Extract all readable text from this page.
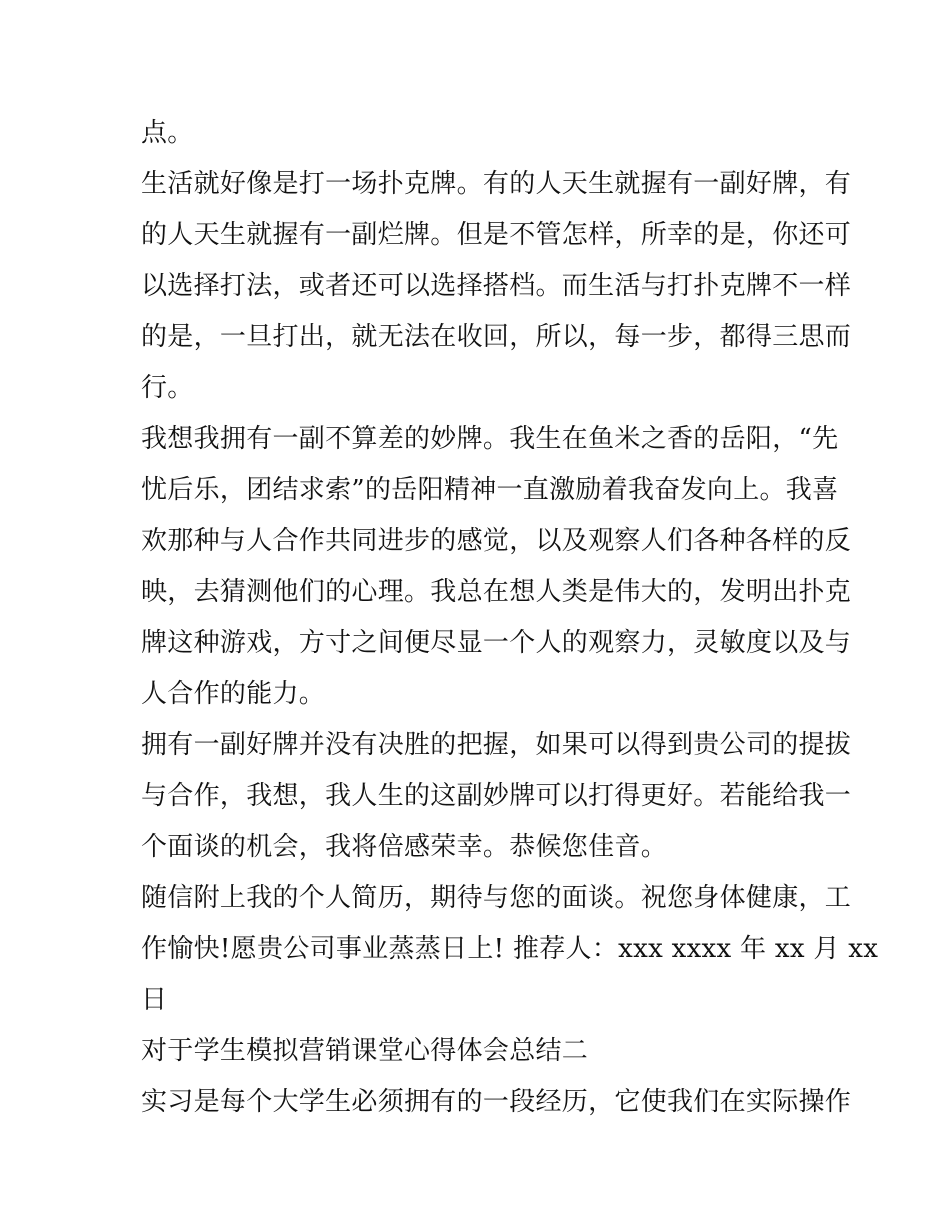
点。
生活就好像是打一场扑克牌。有的人天生就握有一副好牌，有
的人天生就握有一副烂牌。但是不管怎样，所幸的是，你还可
以选择打法，或者还可以选择搭档。而生活与打扑克牌不一样
的是，一旦打出，就无法在收回，所以，每一步，都得三思而
行。
我想我拥有一副不算差的妙牌。我生在鱼米之香的岳阳，“先
忧后乐，团结求索”的岳阳精神一直激励着我奋发向上。我喜
欢那种与人合作共同进步的感觉，以及观察人们各种各样的反
映，去猜测他们的心理。我总在想人类是伟大的，发明出扑克
牌这种游戏，方寸之间便尽显一个人的观察力，灵敏度以及与
人合作的能力。
拥有一副好牌并没有决胜的把握，如果可以得到贵公司的提拔
与合作，我想，我人生的这副妙牌可以打得更好。若能给我一
个面谈的机会，我将倍感荣幸。恭候您佳音。
随信附上我的个人简历，期待与您的面谈。祝您身体健康，工
作愉快!愿贵公司事业蒸蒸日上! 推荐人：xxx xxxx 年 xx 月 xx
日
对于学生模拟营销课堂心得体会总结二
实习是每个大学生必须拥有的一段经历，它使我们在实际操作
